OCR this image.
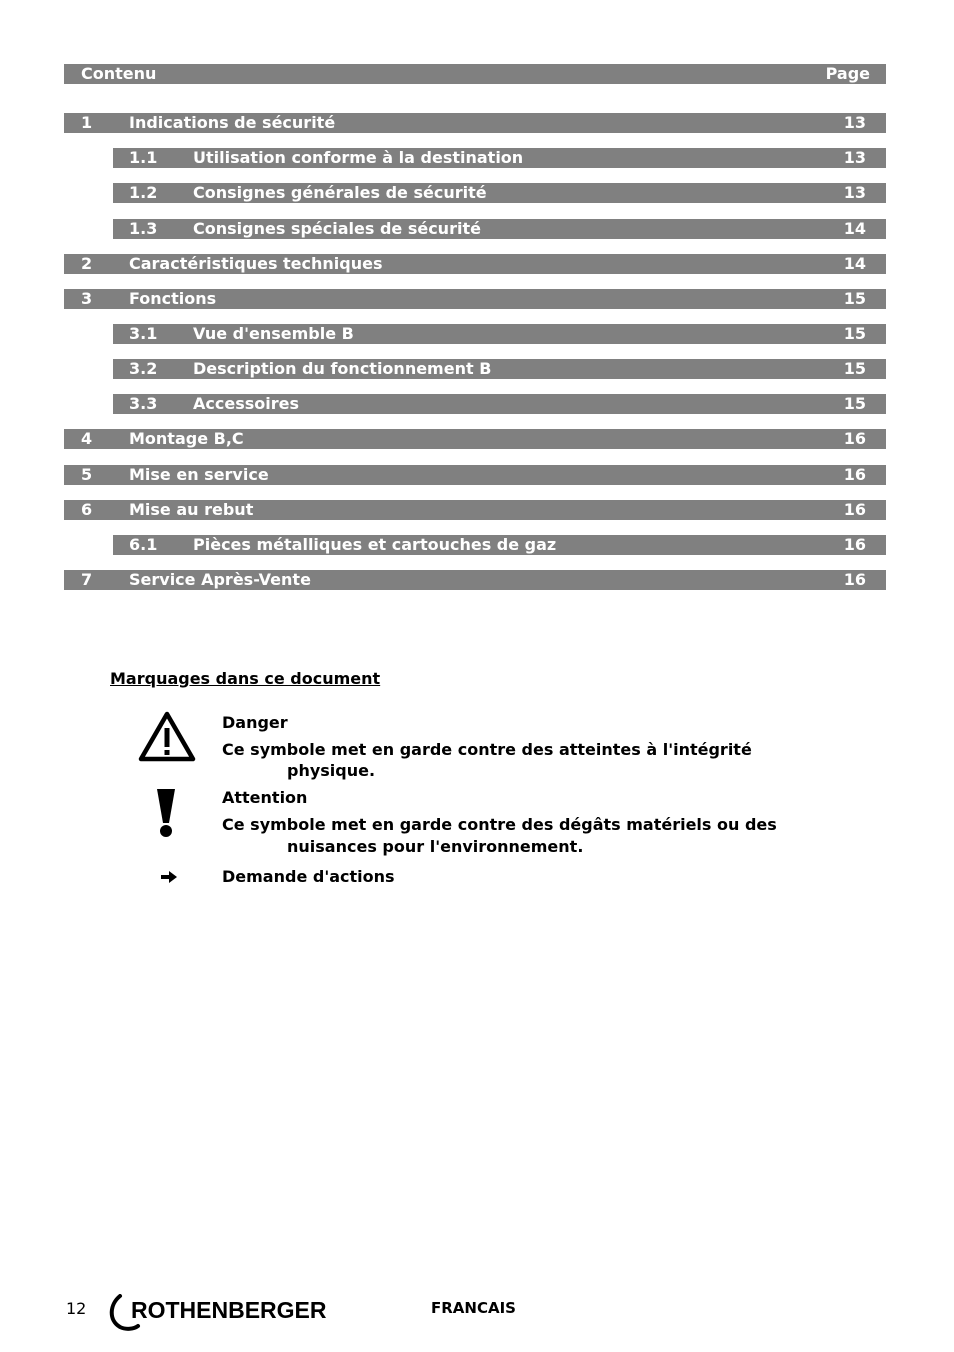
Contenu	Page
1 Indications de sécurité	13
1.1 Utilisation conforme à la destination	13
1.2 Consignes générales de sécurité	13
1.3 Consignes spéciales de sécurité	14
2 Caractéristiques techniques	14
3 Fonctions	15
3.1 Vue d'ensemble B	15
3.2 Description du fonctionnement B	15
3.3 Accessoires	15
4 Montage B,C	16
5 Mise en service	16
6 Mise au rebut	16
6.1 Pièces métalliques et cartouches de gaz	16
7 Service Après-Vente	16
Marquages dans ce document
Danger
Ce symbole met en garde contre des atteintes à l'intégrité
physique.
Attention
Ce symbole met en garde contre des dégâts matériels ou des
nuisances pour l'environnement.
Demande d'actions
12 ROTHENBERGER	FRANCAIS
